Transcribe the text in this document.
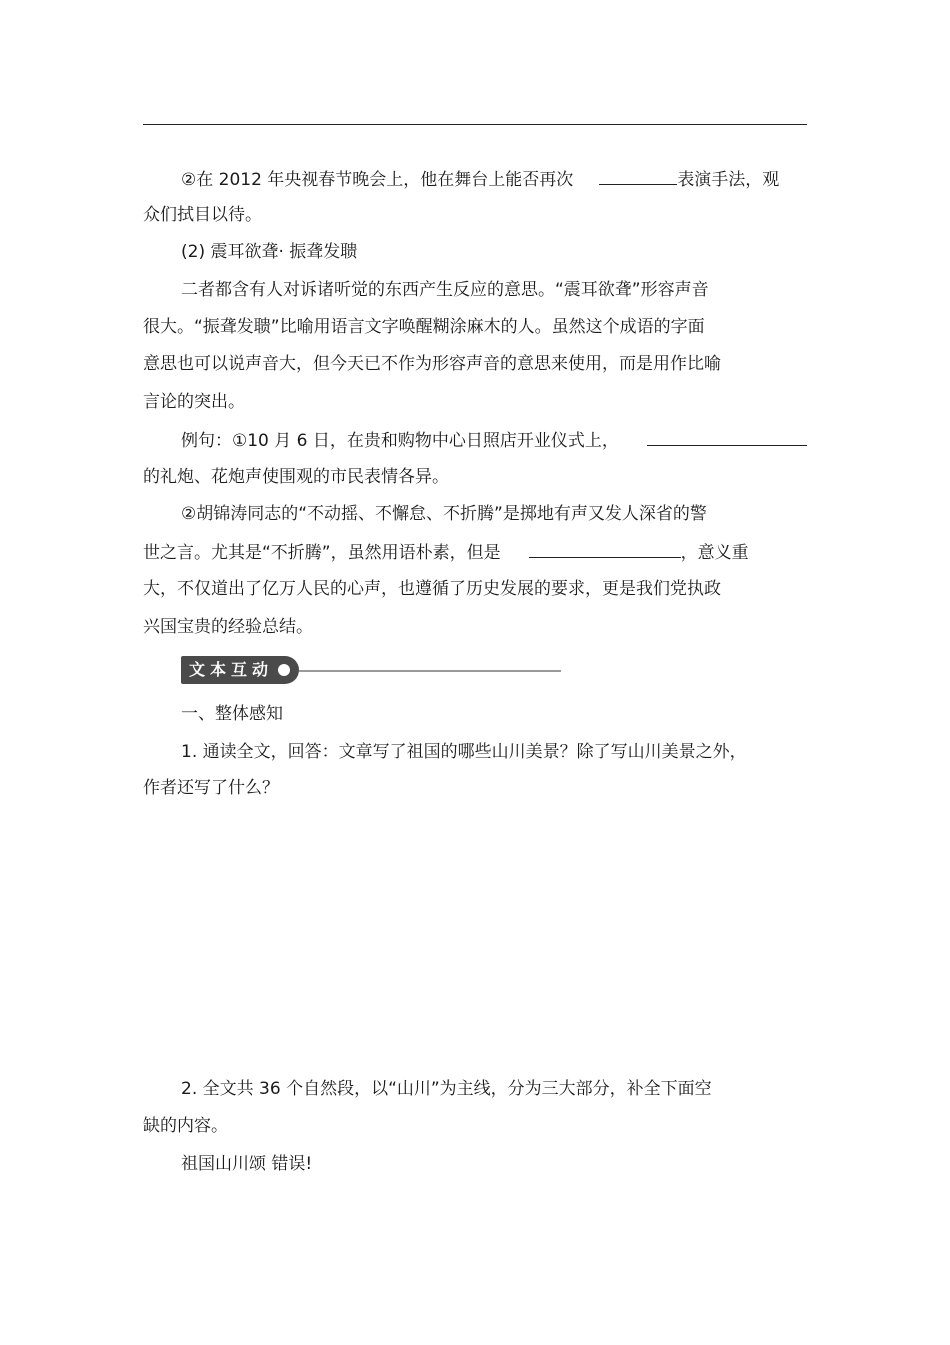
②在 2012 年央视春节晚会上，他在舞台上能否再次	表演手法，观
众们拭目以待。
(2) 震耳欲聋· 振聋发聩
二者都含有人对诉诸听觉的东西产生反应的意思。“震耳欲聋”形容声音
很大。“振聋发聩”比喻用语言文字唤醒糊涂麻木的人。虽然这个成语的字面
意思也可以说声音大，但今天已不作为形容声音的意思来使用，而是用作比喻
言论的突出。
例句：①10 月 6 日，在贵和购物中心日照店开业仪式上，
的礼炮、花炮声使围观的市民表情各异。
②胡锦涛同志的“不动摇、不懈怠、不折腾”是掷地有声又发人深省的警
世之言。尤其是“不折腾”，虽然用语朴素，但是	，意义重
大，不仅道出了亿万人民的心声，也遵循了历史发展的要求，更是我们党执政
兴国宝贵的经验总结。
文本互动
一、整体感知
1. 通读全文，回答：文章写了祖国的哪些山川美景？除了写山川美景之外，
作者还写了什么？
2. 全文共 36 个自然段，以“山川”为主线，分为三大部分，补全下面空
缺的内容。
祖国山川颂 错误!
